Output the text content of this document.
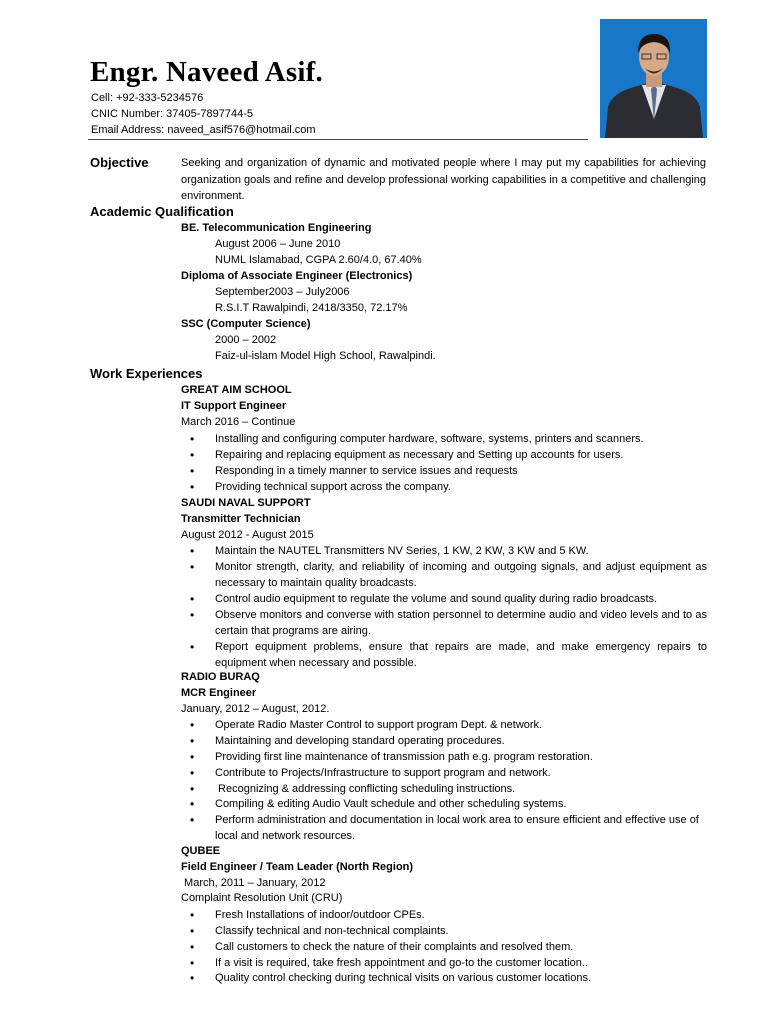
Engr. Naveed Asif.
Cell: +92-333-5234576
CNIC Number: 37405-7897744-5
Email Address: naveed_asif576@hotmail.com
Objective	Seeking and organization of dynamic and motivated people where I may put my capabilities for achieving organization goals and refine and develop professional working capabilities in a competitive and challenging environment.
Academic Qualification
BE. Telecommunication Engineering
August 2006 – June 2010
NUML Islamabad, CGPA 2.60/4.0, 67.40%
Diploma of Associate Engineer (Electronics)
September2003 – July2006
R.S.I.T Rawalpindi, 2418/3350, 72.17%
SSC (Computer Science)
2000 – 2002
Faiz-ul-islam Model High School, Rawalpindi.
Work Experiences
GREAT AIM SCHOOL
IT Support Engineer
March 2016 – Continue
• Installing and configuring computer hardware, software, systems, printers and scanners.
• Repairing and replacing equipment as necessary and Setting up accounts for users.
• Responding in a timely manner to service issues and requests
• Providing technical support across the company.
SAUDI NAVAL SUPPORT
Transmitter Technician
August 2012 - August 2015
• Maintain the NAUTEL Transmitters NV Series, 1 KW, 2 KW, 3 KW and 5 KW.
• Monitor strength, clarity, and reliability of incoming and outgoing signals, and adjust equipment as necessary to maintain quality broadcasts.
• Control audio equipment to regulate the volume and sound quality during radio broadcasts.
• Observe monitors and converse with station personnel to determine audio and video levels and to as certain that programs are airing.
• Report equipment problems, ensure that repairs are made, and make emergency repairs to equipment when necessary and possible.
RADIO BURAQ
MCR Engineer
January, 2012 – August, 2012.
• Operate Radio Master Control to support program Dept. & network.
• Maintaining and developing standard operating procedures.
• Providing first line maintenance of transmission path e.g. program restoration.
• Contribute to Projects/Infrastructure to support program and network.
• Recognizing & addressing conflicting scheduling instructions.
• Compiling & editing Audio Vault schedule and other scheduling systems.
• Perform administration and documentation in local work area to ensure efficient and effective use of local and network resources.
QUBEE
Field Engineer / Team Leader (North Region)
March, 2011 – January, 2012
Complaint Resolution Unit (CRU)
• Fresh Installations of indoor/outdoor CPEs.
• Classify technical and non-technical complaints.
• Call customers to check the nature of their complaints and resolved them.
• If a visit is required, take fresh appointment and go-to the customer location..
• Quality control checking during technical visits on various customer locations.
